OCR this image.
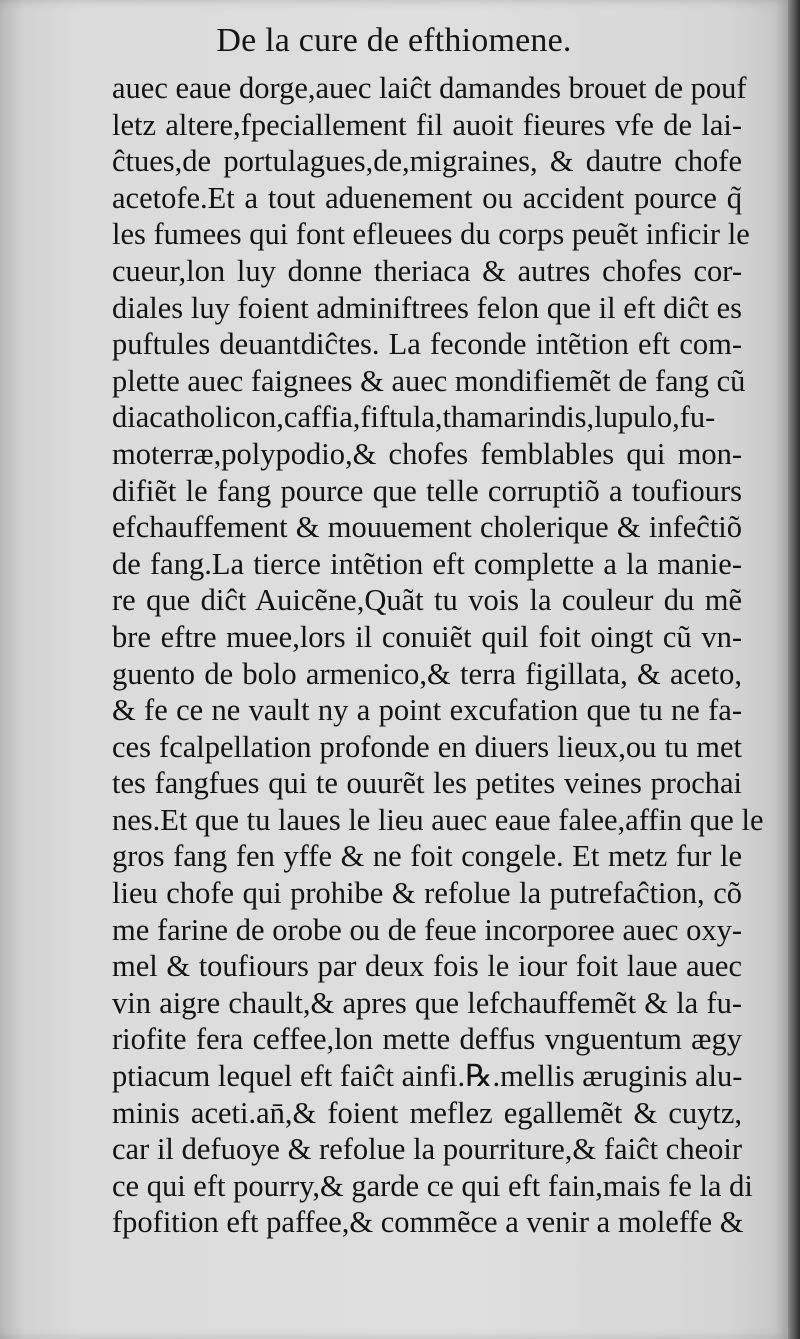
De la cure de efthiomene.
auec eaue dorge,auec laiĉt damandes brouet de pouf
letz altere,fpeciallement fil auoit fieures vfe de lai-
ĉtues,de portulagues,de,migraines, & dautre chofe
acetofe.Et a tout aduenement ou accident pource q̃
les fumees qui font efleuees du corps peuẽt inficir le
cueur,lon luy donne theriaca & autres chofes cor-
diales luy foient adminiftrees felon que il eft diĉt es
puftules deuantdiĉtes. La feconde intẽtion eft com-
plette auec faignees & auec mondifiemẽt de fang cũ
diacatholicon,caffia,fiftula,thamarindis,lupulo,fu-
moterræ,polypodio,& chofes femblables qui mon-
difiẽt le fang pource que telle corruptiõ a toufiours
efchauffement & mouuement cholerique & infeĉtiõ
de fang.La tierce intẽtion eft complette a la manie-
re que diĉt Auicẽne,Quãt tu vois la couleur du mẽ
bre eftre muee,lors il conuiẽt quil foit oingt cũ vn-
guento de bolo armenico,& terra figillata, & aceto,
& fe ce ne vault ny a point excufation que tu ne fa-
ces fcalpellation profonde en diuers lieux,ou tu met
tes fangfues qui te ouurẽt les petites veines prochai
nes.Et que tu laues le lieu auec eaue falee,affin que le
gros fang fen yffe & ne foit congele. Et metz fur le
lieu chofe qui prohibe & refolue la putrefaĉtion, cõ
me farine de orobe ou de feue incorporee auec oxy-
mel & toufiours par deux fois le iour foit laue auec
vin aigre chault,& apres que lefchauffemẽt & la fu-
riofite fera ceffee,lon mette deffus vnguentum ægy
ptiacum lequel eft faiĉt ainfi.℞.mellis æruginis alu-
minis aceti.an̄,& foient meflez egallemẽt & cuytz,
car il defuoye & refolue la pourriture,& faiĉt cheoir
ce qui eft pourry,& garde ce qui eft fain,mais fe la di
fpofition eft paffee,& commẽce a venir a moleffe &
